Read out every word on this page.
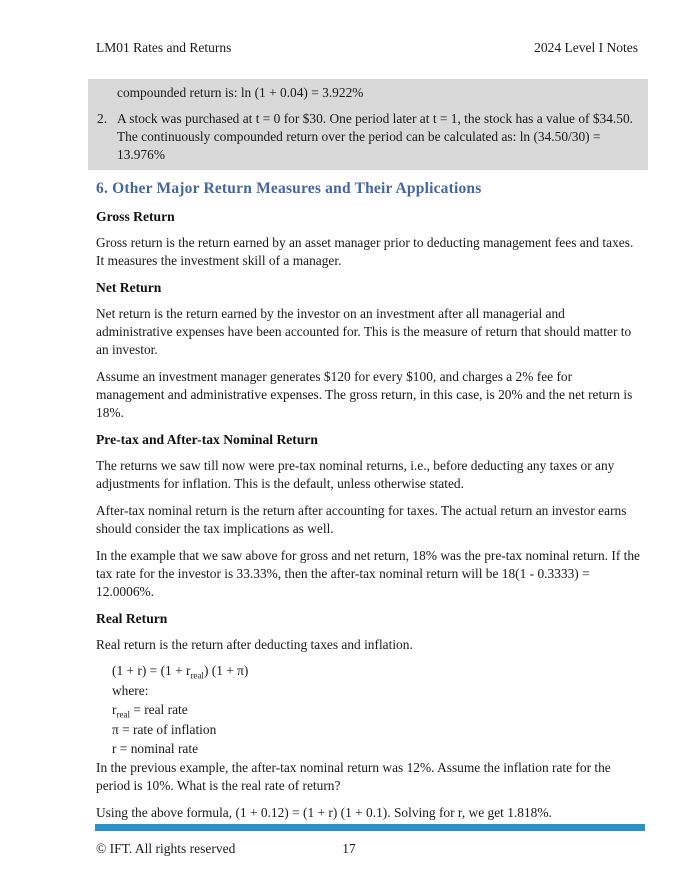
LM01 Rates and Returns	2024 Level I Notes

compounded return is: ln (1 + 0.04) = 3.922%

2. A stock was purchased at t = 0 for $30. One period later at t = 1, the stock has a value of $34.50. The continuously compounded return over the period can be calculated as: ln (34.50/30) = 13.976%
6. Other Major Return Measures and Their Applications
Gross Return

Gross return is the return earned by an asset manager prior to deducting management fees and taxes. It measures the investment skill of a manager.

Net Return

Net return is the return earned by the investor on an investment after all managerial and administrative expenses have been accounted for. This is the measure of return that should matter to an investor.

Assume an investment manager generates $120 for every $100, and charges a 2% fee for management and administrative expenses. The gross return, in this case, is 20% and the net return is 18%.

Pre-tax and After-tax Nominal Return

The returns we saw till now were pre-tax nominal returns, i.e., before deducting any taxes or any adjustments for inflation. This is the default, unless otherwise stated.

After-tax nominal return is the return after accounting for taxes. The actual return an investor earns should consider the tax implications as well.

In the example that we saw above for gross and net return, 18% was the pre-tax nominal return. If the tax rate for the investor is 33.33%, then the after-tax nominal return will be 18(1 - 0.3333) = 12.0006%.

Real Return

Real return is the return after deducting taxes and inflation.

$(1 + r) = (1 + r_{real})$ (1 + π)
where:
$r_{real}$ = real rate
π = rate of inflation
r = nominal rate

In the previous example, the after-tax nominal return was 12%. Assume the inflation rate for the period is 10%. What is the real rate of return?

Using the above formula, (1 + 0.12) = (1 + r) (1 + 0.1). Solving for r, we get 1.818%.

© IFT. All rights reserved	17
